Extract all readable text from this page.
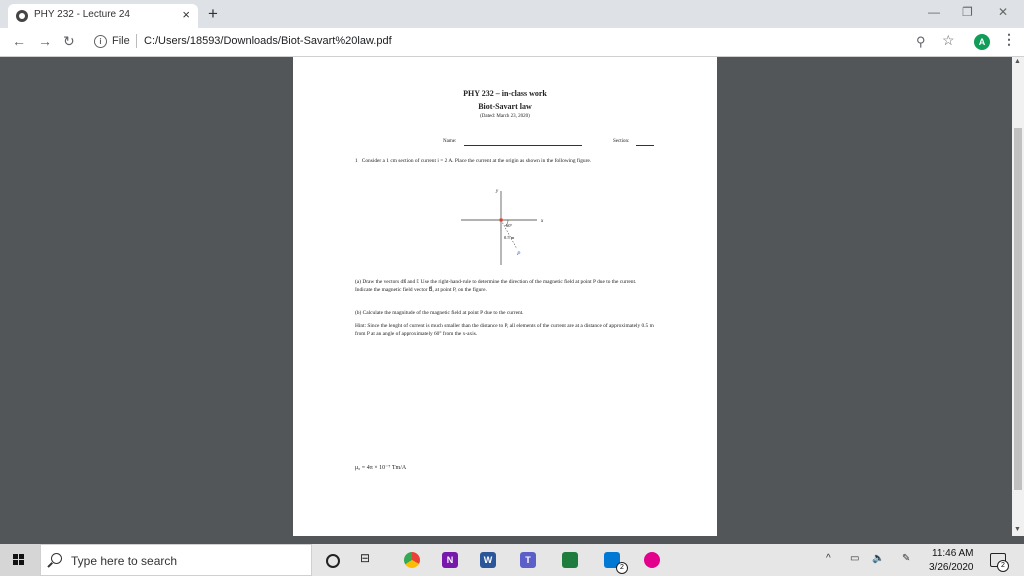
PHY 232 - Lecture 24	× +	— ❐ ✕
← → ↻	i File C:/Users/18593/Downloads/Biot-Savart%20law.pdf	⚲ ☆	A	⋮
▲
▼
PHY 232 – in-class work
Biot-Savart law
(Dated: March 23, 2020)
Name:	Section:
1 Consider a 1 cm section of current i = 2 A. Place the current at the origin as shown in the following figure.
y
x
60°
0.5 m
P
(a) Draw the vectors ds⃗ and r̂. Use the right-hand-rule to determine the direction of the magnetic field at point P due to the current. Indicate the magnetic field vector B⃗, at point P, on the figure.
(b) Calculate the magnitude of the magnetic field at point P due to the current.
Hint: Since the lenght of current is much smaller than the distance to P, all elements of the current are at a distance of approximately 0.5 m from P at an angle of approximately 60° from the x-axis.
μ₀ = 4π × 10⁻⁷ Tm/A
Type here to search	⊟	N	W	T
2
^ ▭ 🔈 ✎ 11:46 AM
3/26/2020	2
